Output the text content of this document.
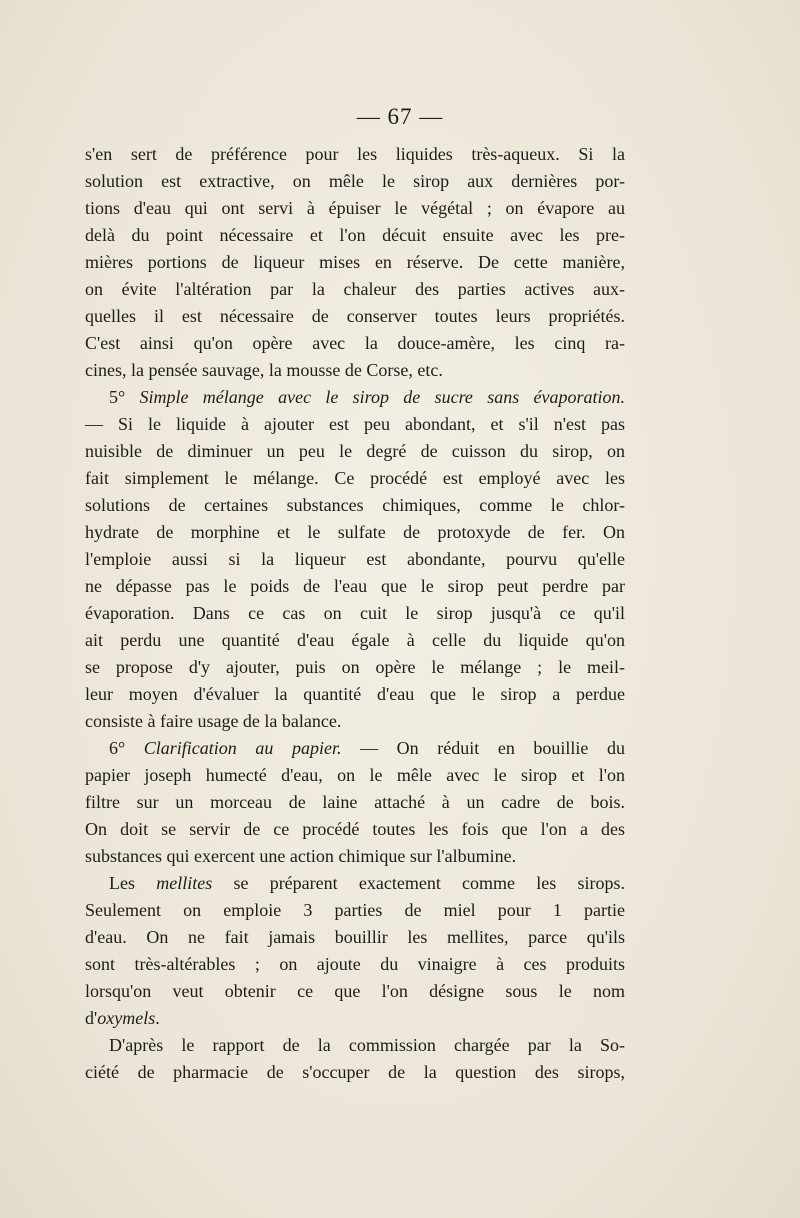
— 67 —
s'en sert de préférence pour les liquides très-aqueux. Si la
solution est extractive, on mêle le sirop aux dernières por-
tions d'eau qui ont servi à épuiser le végétal ; on évapore au
delà du point nécessaire et l'on décuit ensuite avec les pre-
mières portions de liqueur mises en réserve. De cette manière,
on évite l'altération par la chaleur des parties actives aux-
quelles il est nécessaire de conserver toutes leurs propriétés.
C'est ainsi qu'on opère avec la douce-amère, les cinq ra-
cines, la pensée sauvage, la mousse de Corse, etc.
5° Simple mélange avec le sirop de sucre sans évaporation.
— Si le liquide à ajouter est peu abondant, et s'il n'est pas
nuisible de diminuer un peu le degré de cuisson du sirop, on
fait simplement le mélange. Ce procédé est employé avec les
solutions de certaines substances chimiques, comme le chlor-
hydrate de morphine et le sulfate de protoxyde de fer. On
l'emploie aussi si la liqueur est abondante, pourvu qu'elle
ne dépasse pas le poids de l'eau que le sirop peut perdre par
évaporation. Dans ce cas on cuit le sirop jusqu'à ce qu'il
ait perdu une quantité d'eau égale à celle du liquide qu'on
se propose d'y ajouter, puis on opère le mélange ; le meil-
leur moyen d'évaluer la quantité d'eau que le sirop a perdue
consiste à faire usage de la balance.
6° Clarification au papier. — On réduit en bouillie du
papier joseph humecté d'eau, on le mêle avec le sirop et l'on
filtre sur un morceau de laine attaché à un cadre de bois.
On doit se servir de ce procédé toutes les fois que l'on a des
substances qui exercent une action chimique sur l'albumine.
Les mellites se préparent exactement comme les sirops.
Seulement on emploie 3 parties de miel pour 1 partie
d'eau. On ne fait jamais bouillir les mellites, parce qu'ils
sont très-altérables ; on ajoute du vinaigre à ces produits
lorsqu'on veut obtenir ce que l'on désigne sous le nom
d'oxymels.
D'après le rapport de la commission chargée par la So-
ciété de pharmacie de s'occuper de la question des sirops,
